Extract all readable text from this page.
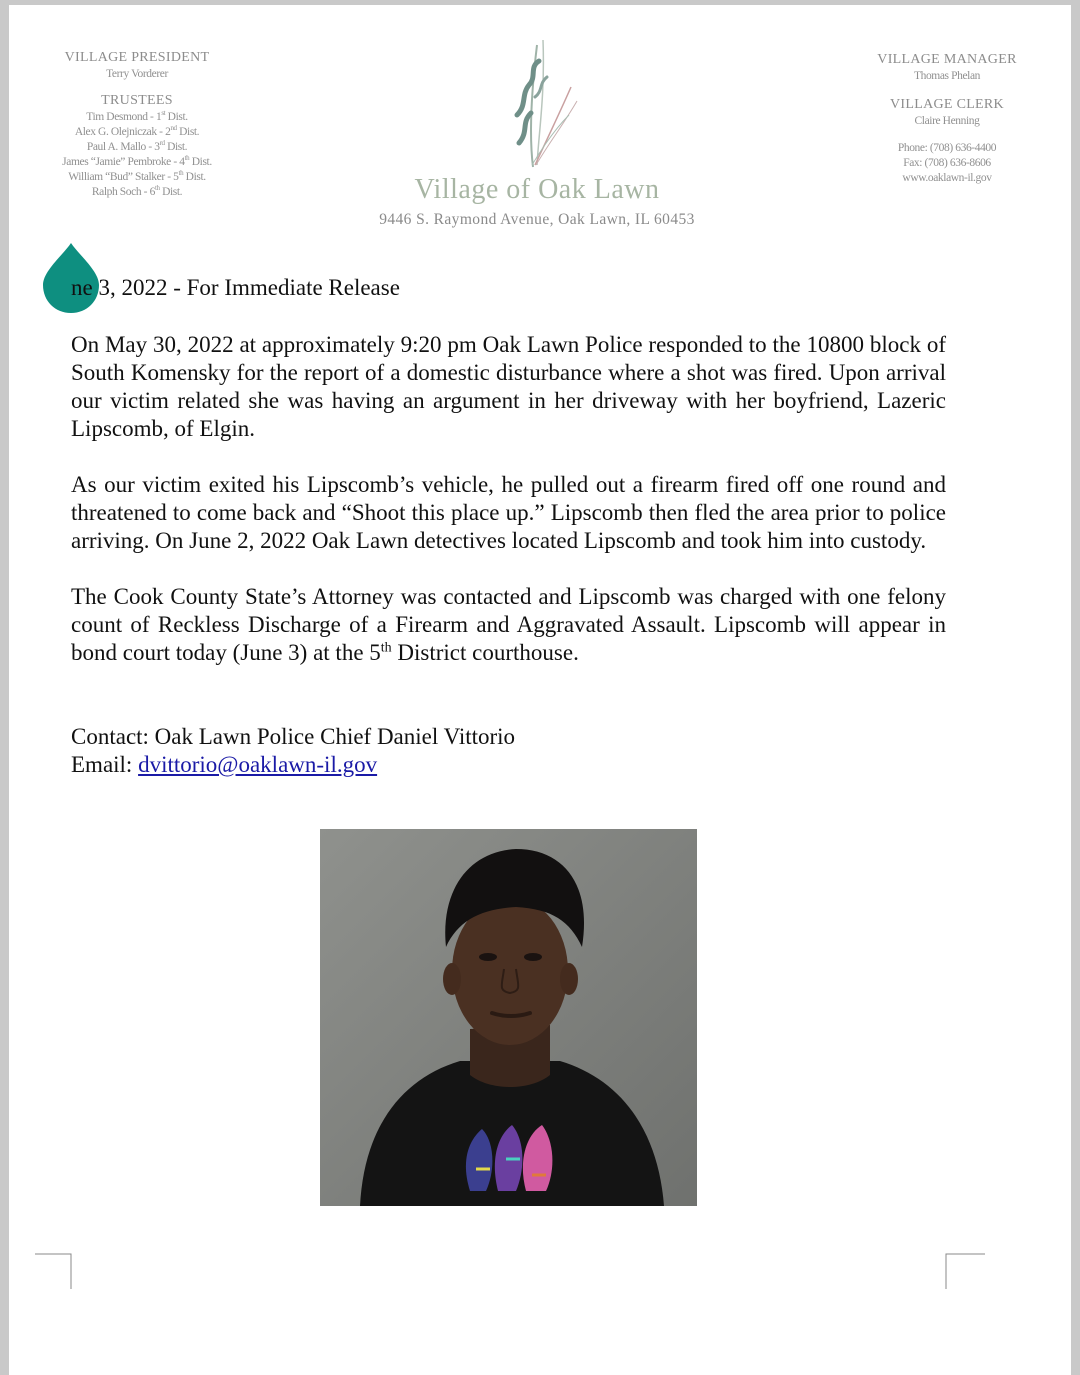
VILLAGE PRESIDENT
Terry Vorderer
TRUSTEES
Tim Desmond - 1st Dist.
Alex G. Olejniczak - 2nd Dist.
Paul A. Mallo - 3rd Dist.
James “Jamie” Pembroke - 4th Dist.
William “Bud” Stalker - 5th Dist.
Ralph Soch - 6th Dist.	Village of Oak Lawn
9446 S. Raymond Avenue, Oak Lawn, IL 60453
VILLAGE MANAGER
Thomas Phelan
VILLAGE CLERK
Claire Henning
Phone: (708) 636-4400
Fax: (708) 636-8606
www.oaklawn-il.gov
ne 3, 2022 - For Immediate Release

On May 30, 2022 at approximately 9:20 pm Oak Lawn Police responded to the 10800 block of South Komensky for the report of a domestic disturbance where a shot was fired. Upon arrival our victim related she was having an argument in her driveway with her boyfriend, Lazeric Lipscomb, of Elgin.

As our victim exited his Lipscomb’s vehicle, he pulled out a firearm fired off one round and threatened to come back and “Shoot this place up.” Lipscomb then fled the area prior to police arriving. On June 2, 2022 Oak Lawn detectives located Lipscomb and took him into custody.

The Cook County State’s Attorney was contacted and Lipscomb was charged with one felony count of Reckless Discharge of a Firearm and Aggravated Assault. Lipscomb will appear in bond court today (June 3) at the 5th District courthouse.

Contact: Oak Lawn Police Chief Daniel Vittorio
Email: dvittorio@oaklawn-il.gov
